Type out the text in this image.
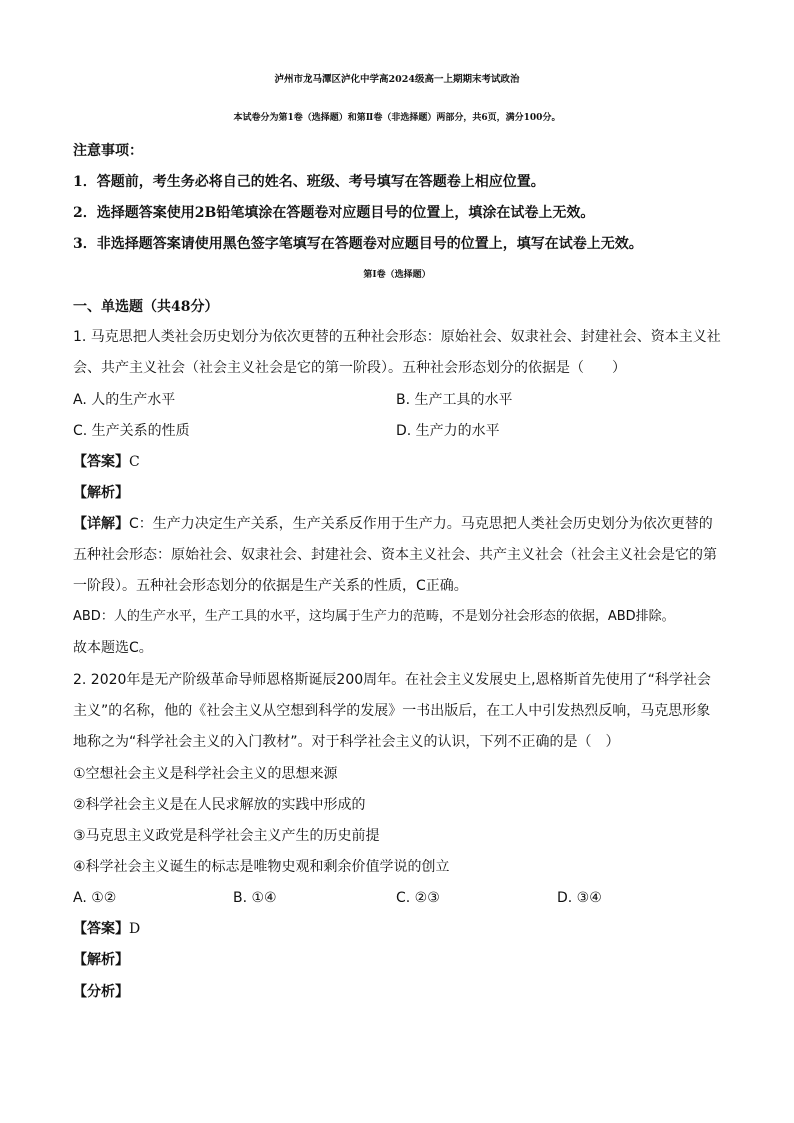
泸州市龙马潭区泸化中学高2024级高一上期期末考试政治
本试卷分为第1卷（选择题）和第Ⅱ卷（非选择题）两部分，共6页，满分100分。
注意事项：
1．答题前，考生务必将自己的姓名、班级、考号填写在答题卷上相应位置。
2．选择题答案使用2B铅笔填涂在答题卷对应题目号的位置上，填涂在试卷上无效。
3．非选择题答案请使用黑色签字笔填写在答题卷对应题目号的位置上，填写在试卷上无效。
第Ⅰ卷（选择题）
一、单选题（共48分）
1. 马克思把人类社会历史划分为依次更替的五种社会形态：原始社会、奴隶社会、封建社会、资本主义社
会、共产主义社会（社会主义社会是它的第一阶段）。五种社会形态划分的依据是（　　）
A. 人的生产水平	B. 生产工具的水平
C. 生产关系的性质	D. 生产力的水平
【答案】C
【解析】
【详解】C：生产力决定生产关系，生产关系反作用于生产力。马克思把人类社会历史划分为依次更替的
五种社会形态：原始社会、奴隶社会、封建社会、资本主义社会、共产主义社会（社会主义社会是它的第
一阶段）。五种社会形态划分的依据是生产关系的性质，C正确。
ABD：人的生产水平，生产工具的水平，这均属于生产力的范畴，不是划分社会形态的依据，ABD排除。
故本题选C。
2. 2020年是无产阶级革命导师恩格斯诞辰200周年。在社会主义发展史上,恩格斯首先使用了“科学社会
主义”的名称，他的《社会主义从空想到科学的发展》一书出版后，在工人中引发热烈反响，马克思形象
地称之为“科学社会主义的入门教材”。对于科学社会主义的认识，下列不正确的是（　）
①空想社会主义是科学社会主义的思想来源
②科学社会主义是在人民求解放的实践中形成的
③马克思主义政党是科学社会主义产生的历史前提
④科学社会主义诞生的标志是唯物史观和剩余价值学说的创立
A. ①②	B. ①④	C. ②③	D. ③④
【答案】D
【解析】
【分析】
